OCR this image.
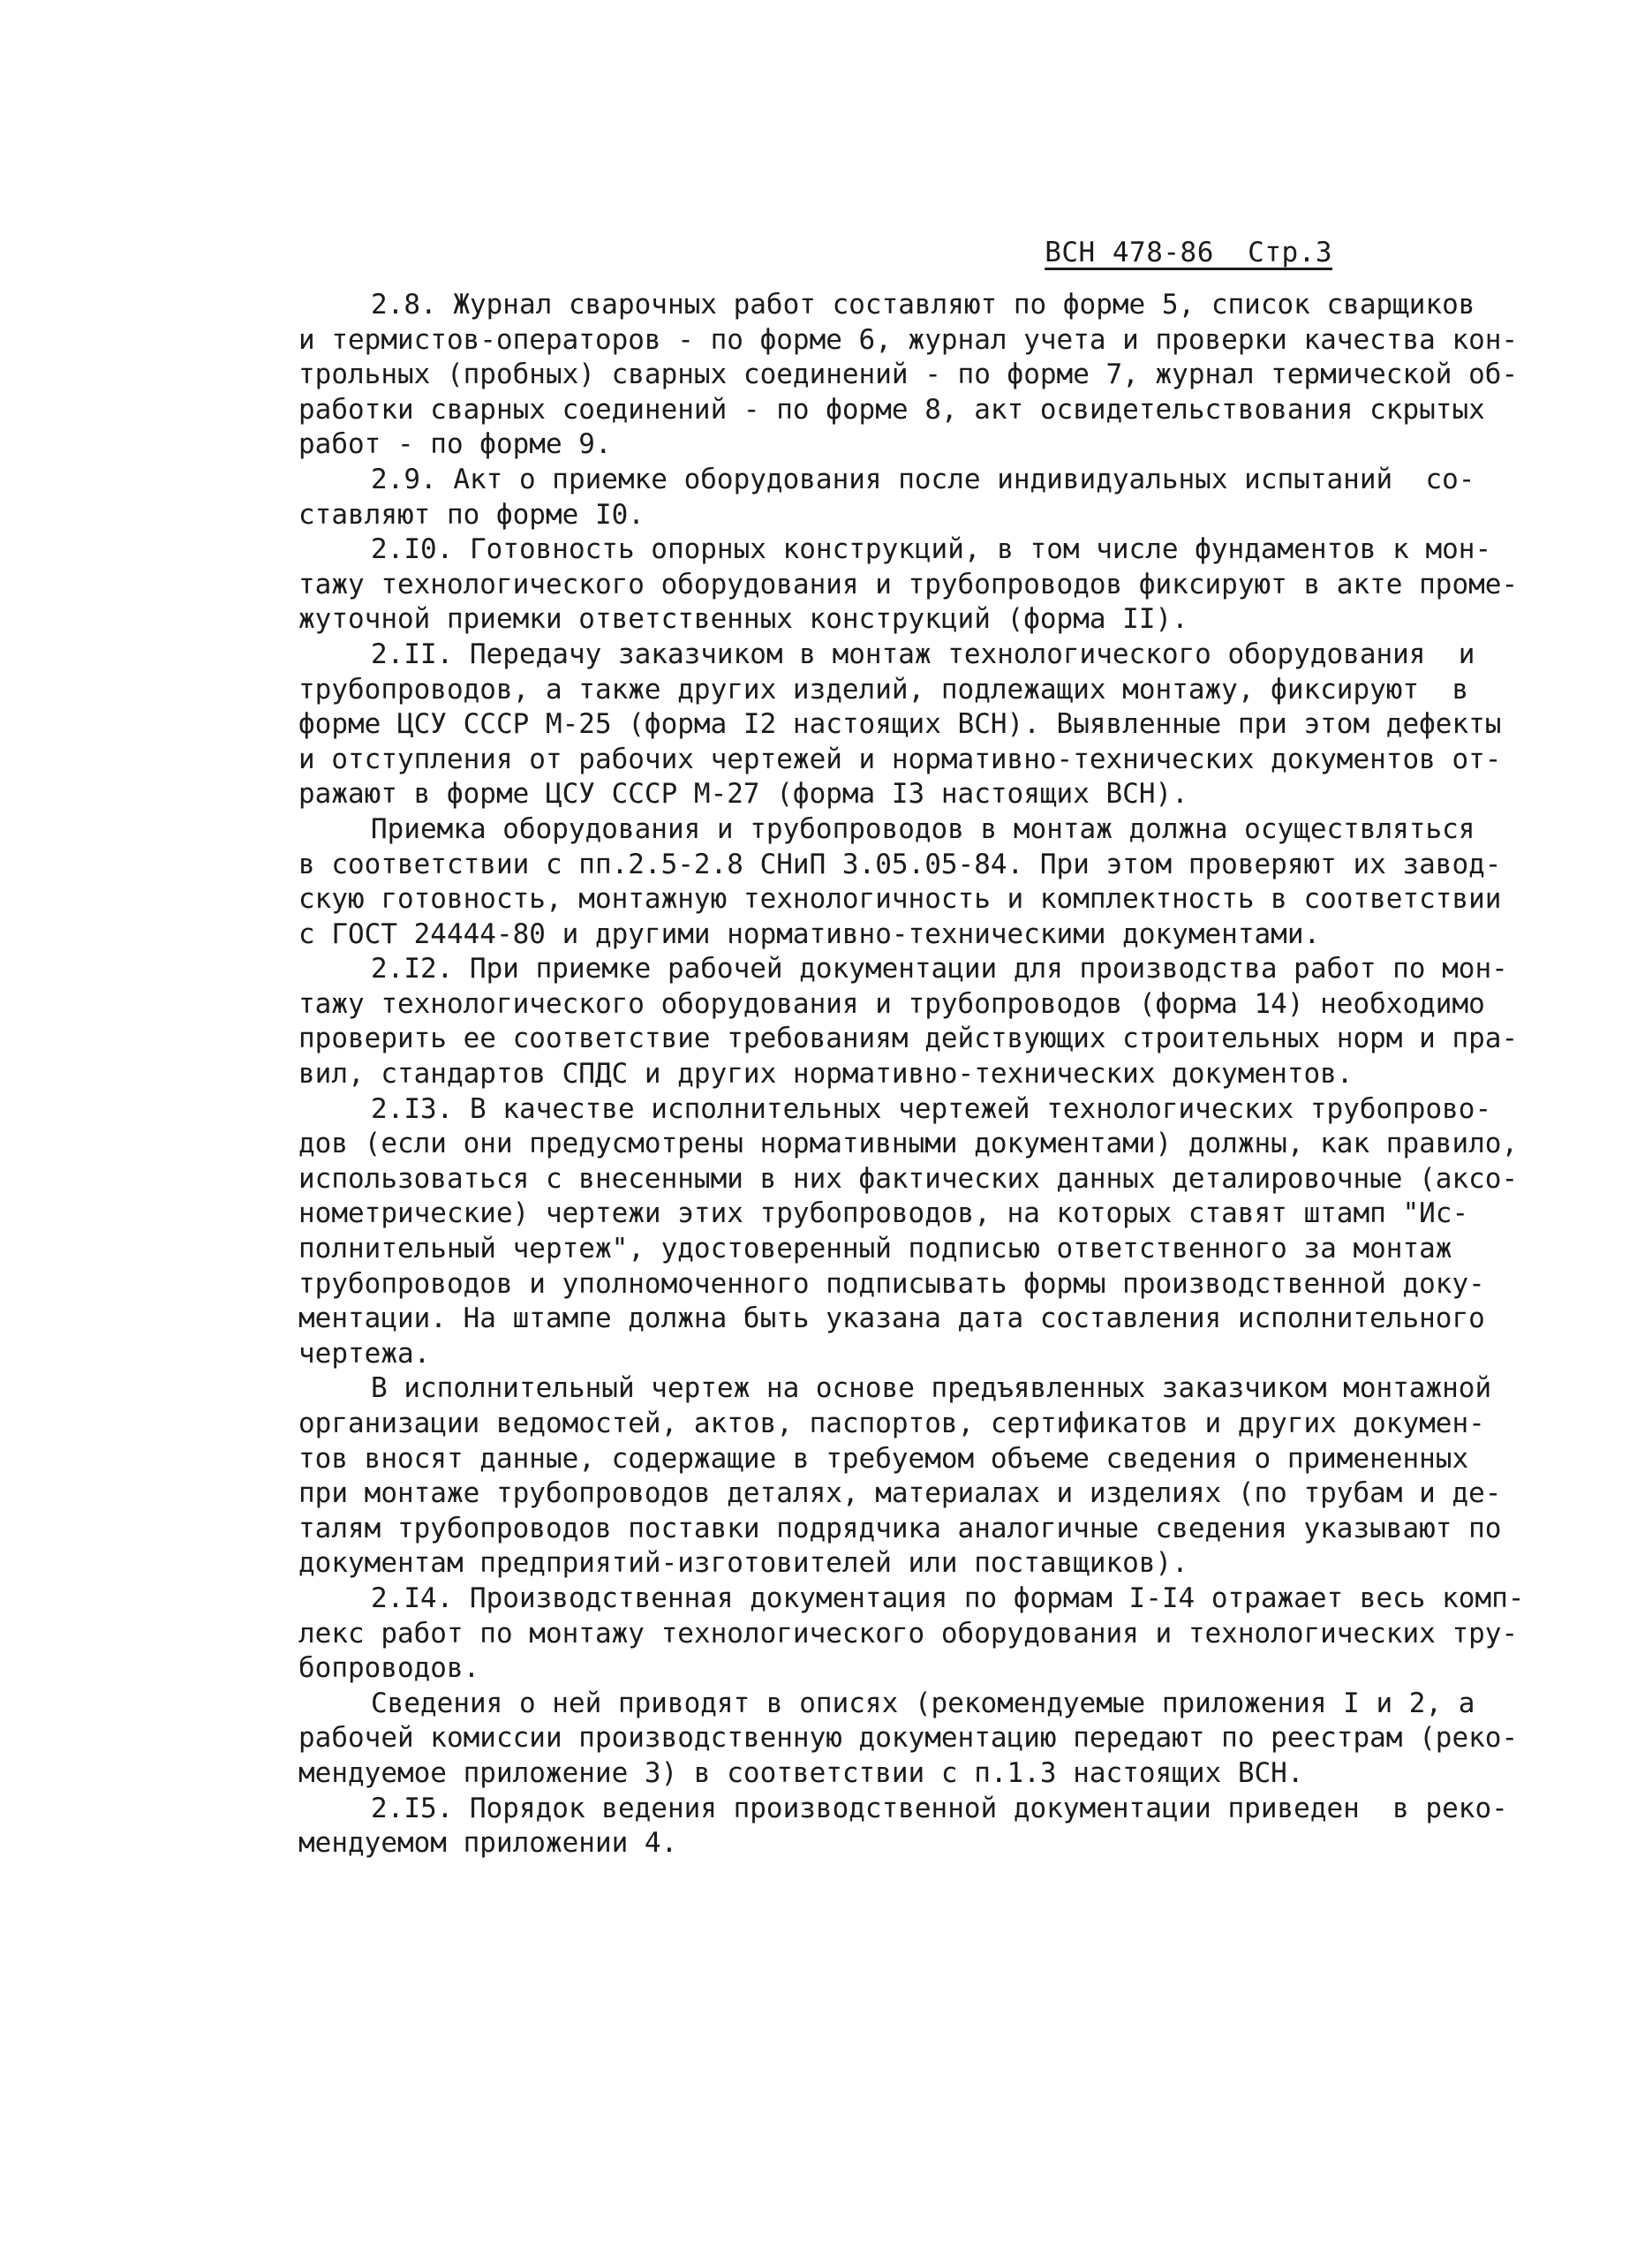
ВСН 478-86  Стр.3
2.8. Журнал сварочных работ составляют по форме 5, список сварщиков
и термистов-операторов - по форме 6, журнал учета и проверки качества кон-
трольных (пробных) сварных соединений - по форме 7, журнал термической об-
работки сварных соединений - по форме 8, акт освидетельствования скрытых
работ - по форме 9.
2.9. Акт о приемке оборудования после индивидуальных испытаний  со-
ставляют по форме I0.
2.I0. Готовность опорных конструкций, в том числе фундаментов к мон-
тажу технологического оборудования и трубопроводов фиксируют в акте проме-
жуточной приемки ответственных конструкций (форма II).
2.II. Передачу заказчиком в монтаж технологического оборудования  и
трубопроводов, а также других изделий, подлежащих монтажу, фиксируют  в
форме ЦСУ СССР М-25 (форма I2 настоящих ВСН). Выявленные при этом дефекты
и отступления от рабочих чертежей и нормативно-технических документов от-
ражают в форме ЦСУ СССР М-27 (форма I3 настоящих ВСН).
Приемка оборудования и трубопроводов в монтаж должна осуществляться
в соответствии с пп.2.5-2.8 СНиП 3.05.05-84. При этом проверяют их завод-
скую готовность, монтажную технологичность и комплектность в соответствии
с ГОСТ 24444-80 и другими нормативно-техническими документами.
2.I2. При приемке рабочей документации для производства работ по мон-
тажу технологического оборудования и трубопроводов (форма 14) необходимо
проверить ее соответствие требованиям действующих строительных норм и пра-
вил, стандартов СПДС и других нормативно-технических документов.
2.I3. В качестве исполнительных чертежей технологических трубопрово-
дов (если они предусмотрены нормативными документами) должны, как правило,
использоваться с внесенными в них фактических данных деталировочные (аксо-
нометрические) чертежи этих трубопроводов, на которых ставят штамп "Ис-
полнительный чертеж", удостоверенный подписью ответственного за монтаж
трубопроводов и уполномоченного подписывать формы производственной доку-
ментации. На штампе должна быть указана дата составления исполнительного
чертежа.
В исполнительный чертеж на основе предъявленных заказчиком монтажной
организации ведомостей, актов, паспортов, сертификатов и других докумен-
тов вносят данные, содержащие в требуемом объеме сведения о примененных
при монтаже трубопроводов деталях, материалах и изделиях (по трубам и де-
талям трубопроводов поставки подрядчика аналогичные сведения указывают по
документам предприятий-изготовителей или поставщиков).
2.I4. Производственная документация по формам I-I4 отражает весь комп-
лекс работ по монтажу технологического оборудования и технологических тру-
бопроводов.
Сведения о ней приводят в описях (рекомендуемые приложения I и 2, а
рабочей комиссии производственную документацию передают по реестрам (реко-
мендуемое приложение 3) в соответствии с п.1.3 настоящих ВСН.
2.I5. Порядок ведения производственной документации приведен  в реко-
мендуемом приложении 4.
